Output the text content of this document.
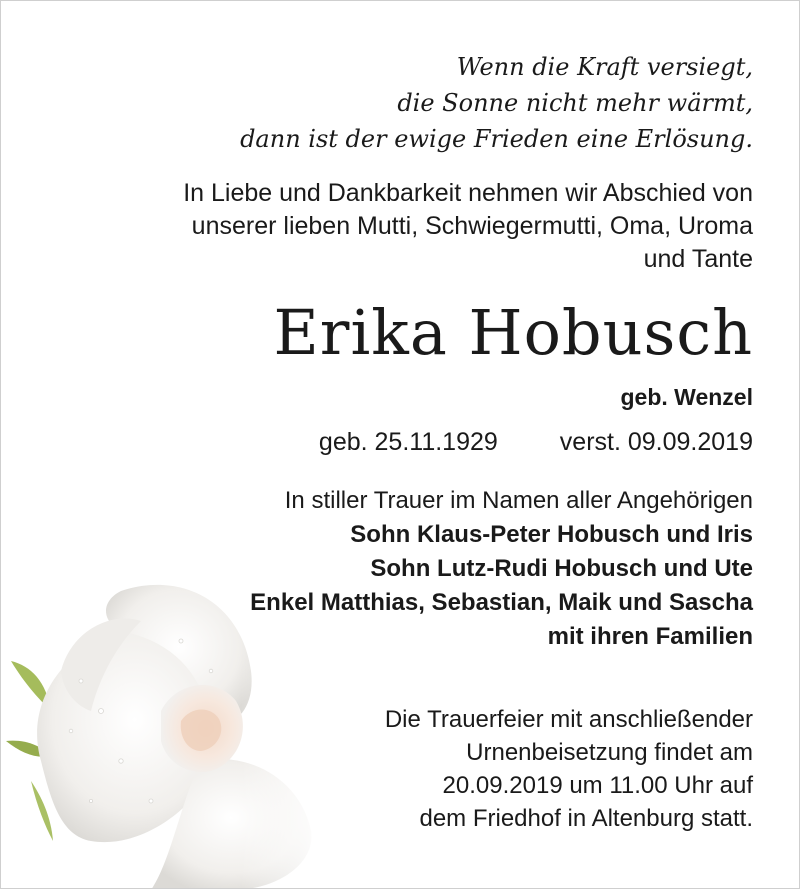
Wenn die Kraft versiegt,
die Sonne nicht mehr wärmt,
dann ist der ewige Frieden eine Erlösung.
In Liebe und Dankbarkeit nehmen wir Abschied von
unserer lieben Mutti, Schwiegermutti, Oma, Uroma
und Tante
Erika Hobusch
geb. Wenzel
geb. 25.11.1929 verst. 09.09.2019
In stiller Trauer im Namen aller Angehörigen
Sohn Klaus-Peter Hobusch und Iris
Sohn Lutz-Rudi Hobusch und Ute
Enkel Matthias, Sebastian, Maik und Sascha
mit ihren Familien
Die Trauerfeier mit anschließender
Urnenbeisetzung findet am
20.09.2019 um 11.00 Uhr auf
dem Friedhof in Altenburg statt.
